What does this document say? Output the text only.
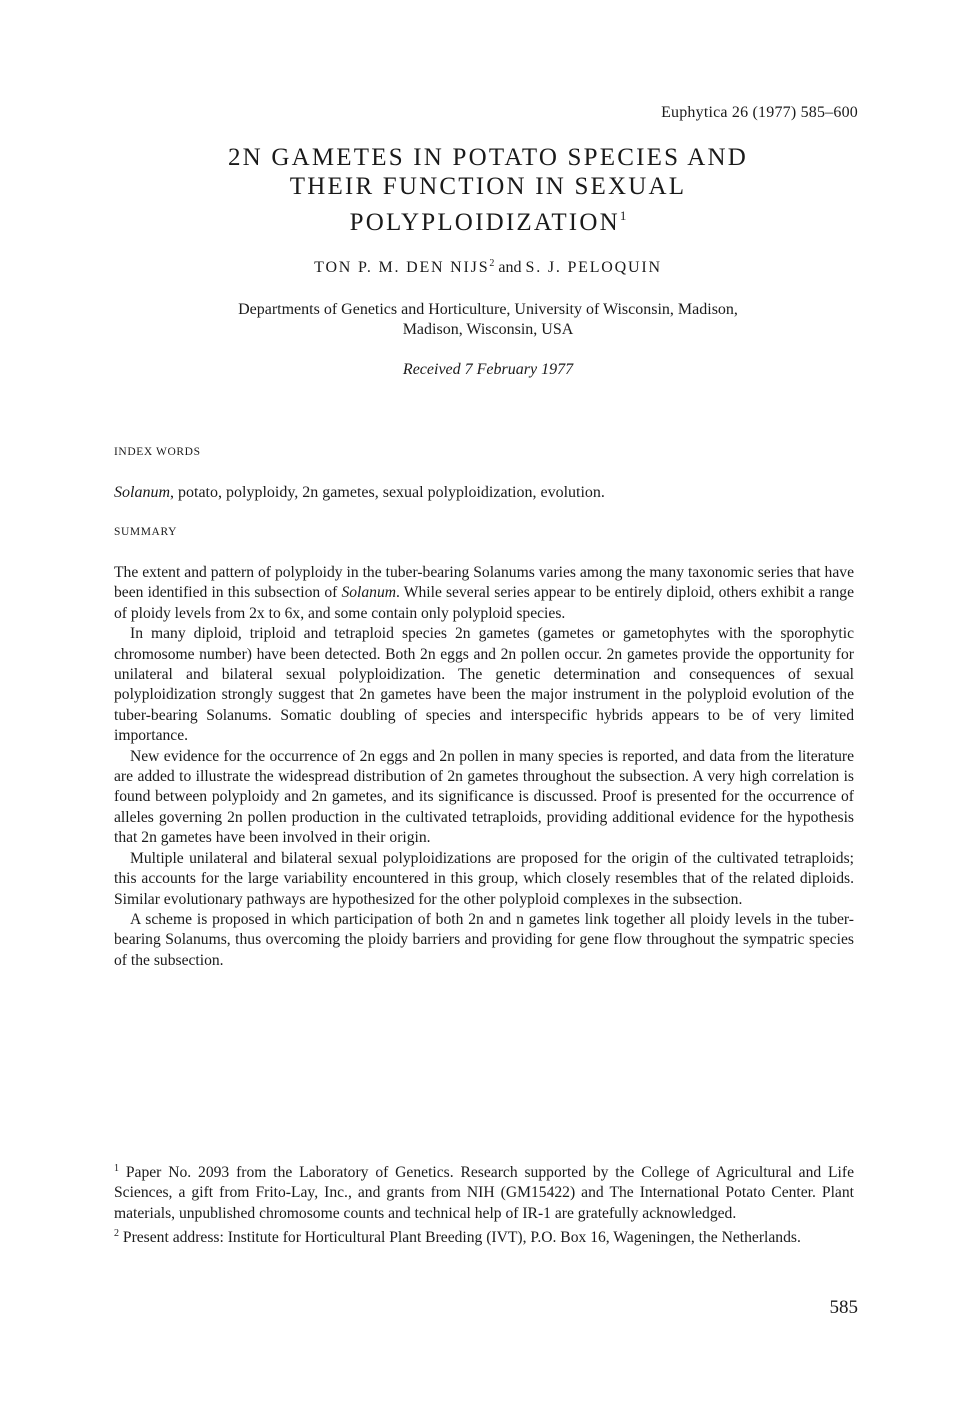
Euphytica 26 (1977) 585–600
2N GAMETES IN POTATO SPECIES AND
THEIR FUNCTION IN SEXUAL
POLYPLOIDIZATION$^1$
TON P. M. DEN NIJS$^2$ and S. J. PELOQUIN
Departments of Genetics and Horticulture, University of Wisconsin, Madison,
Madison, Wisconsin, USA
Received 7 February 1977
INDEX WORDS
Solanum, potato, polyploidy, 2n gametes, sexual polyploidization, evolution.
SUMMARY

The extent and pattern of polyploidy in the tuber-bearing Solanums varies among the many taxonomic series that have been identified in this subsection of Solanum. While several series appear to be entirely diploid, others exhibit a range of ploidy levels from 2x to 6x, and some contain only polyploid species.

In many diploid, triploid and tetraploid species 2n gametes (gametes or gametophytes with the sporophytic chromosome number) have been detected. Both 2n eggs and 2n pollen occur. 2n gametes provide the opportunity for unilateral and bilateral sexual polyploidization. The genetic determination and consequences of sexual polyploidization strongly suggest that 2n gametes have been the major instrument in the polyploid evolution of the tuber-bearing Solanums. Somatic doubling of species and interspecific hybrids appears to be of very limited importance.

New evidence for the occurrence of 2n eggs and 2n pollen in many species is reported, and data from the literature are added to illustrate the widespread distribution of 2n gametes throughout the subsection. A very high correlation is found between polyploidy and 2n gametes, and its significance is discussed. Proof is presented for the occurrence of alleles governing 2n pollen production in the cultivated tetraploids, providing additional evidence for the hypothesis that 2n gametes have been involved in their origin.

Multiple unilateral and bilateral sexual polyploidizations are proposed for the origin of the cultivated tetraploids; this accounts for the large variability encountered in this group, which closely resembles that of the related diploids. Similar evolutionary pathways are hypothesized for the other polyploid complexes in the subsection.

A scheme is proposed in which participation of both 2n and n gametes link together all ploidy levels in the tuber-bearing Solanums, thus overcoming the ploidy barriers and providing for gene flow throughout the sympatric species of the subsection.

$^1$ Paper No. 2093 from the Laboratory of Genetics. Research supported by the College of Agricultural and Life Sciences, a gift from Frito-Lay, Inc., and grants from NIH (GM15422) and The International Potato Center. Plant materials, unpublished chromosome counts and technical help of IR-1 are gratefully acknowledged.

$^2$ Present address: Institute for Horticultural Plant Breeding (IVT), P.O. Box 16, Wageningen, the Netherlands.

585
